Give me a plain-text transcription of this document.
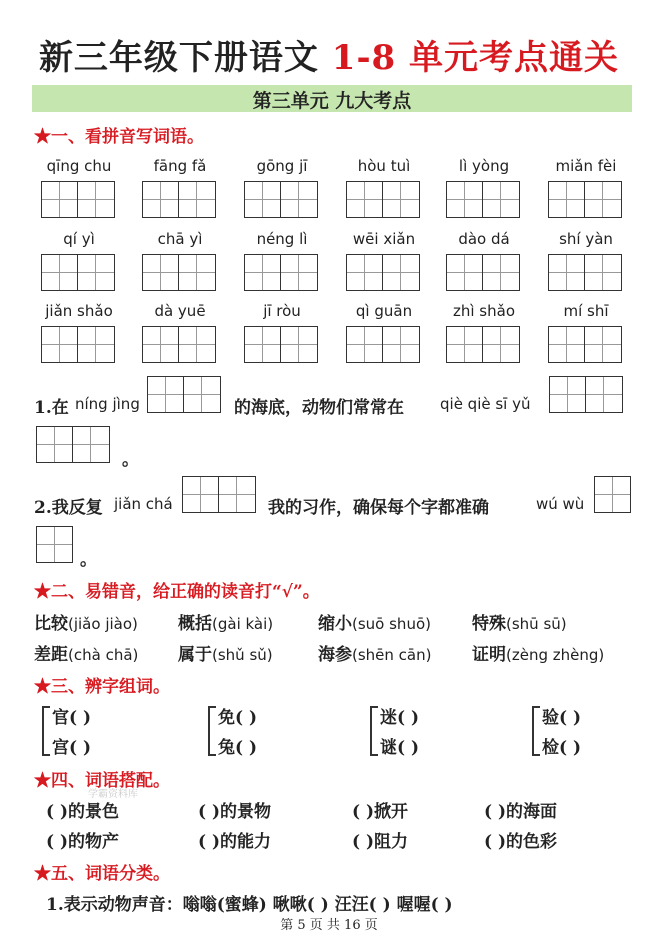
新三年级下册语文 1-8 单元考点通关
第三单元 九大考点
★一、看拼音写词语。
qīng chu	fāng fǎ	gōng jī	hòu tuì	lì yòng	miǎn fèi
qí yì	chā yì	néng lì	wēi xiǎn	dào dá	shí yàn
jiǎn shǎo	dà yuē	jī ròu	qì guān	zhì shǎo	mí shī
1.在 níng jìng	的海底，动物们常常在 qiè qiè sī yǔ
。
2.我反复 jiǎn chá	我的习作，确保每个字都准确	wú wù
。
★二、易错音，给正确的读音打“√”。
比较(jiǎo jiào) 概括(gài kài)	缩小(suō shuō) 特殊(shū sū)
差距(chà chā) 属于(shǔ sǔ)	海参(shēn cān) 证明(zèng zhèng)
★三、辨字组词。
官( )
宫( )
免( )
兔( )
迷( )
谜( )
验( )
检( )
★四、词语搭配。
学霸资料库
( )的景色	( )的景物	( )掀开	( )的海面
( )的物产	( )的能力	( )阻力	( )的色彩
★五、词语分类。
1.表示动物声音：嗡嗡(蜜蜂) 啾啾( ) 汪汪( ) 喔喔( )
第 5 页 共 16 页
